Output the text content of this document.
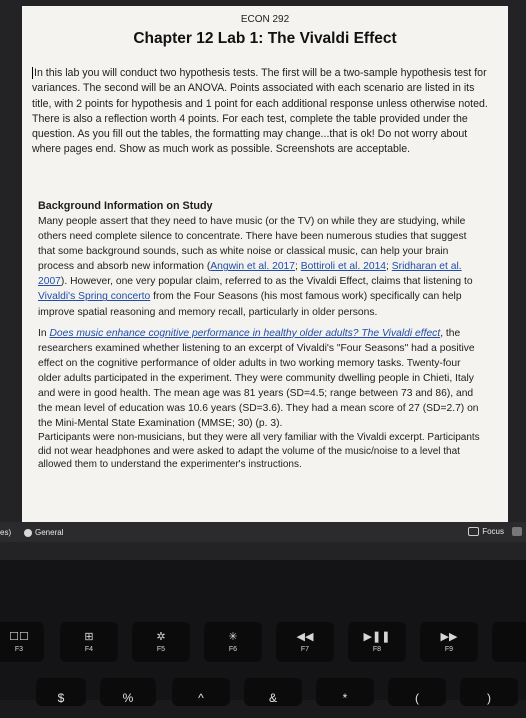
ECON 292
Chapter 12 Lab 1: The Vivaldi Effect
In this lab you will conduct two hypothesis tests. The first will be a two-sample hypothesis test for variances. The second will be an ANOVA. Points associated with each scenario are listed in its title, with 2 points for hypothesis and 1 point for each additional response unless otherwise noted. There is also a reflection worth 4 points. For each test, complete the table provided under the question. As you fill out the tables, the formatting may change...that is ok! Do not worry about where pages end. Show as much work as possible. Screenshots are acceptable.
Background Information on Study

Many people assert that they need to have music (or the TV) on while they are studying, while others need complete silence to concentrate. There have been numerous studies that suggest that some background sounds, such as white noise or classical music, can help your brain process and absorb new information (Angwin et al. 2017; Bottiroli et al. 2014; Sridharan et al. 2007). However, one very popular claim, referred to as the Vivaldi Effect, claims that listening to Vivaldi's Spring concerto from the Four Seasons (his most famous work) specifically can help improve spatial reasoning and memory recall, particularly in older persons.

In Does music enhance cognitive performance in healthy older adults? The Vivaldi effect, the researchers examined whether listening to an excerpt of Vivaldi's "Four Seasons" had a positive effect on the cognitive performance of older adults in two working memory tasks. Twenty-four older adults participated in the experiment. They were community dwelling people in Chieti, Italy and were in good health. The mean age was 81 years (SD=4.5; range between 73 and 86), and the mean level of education was 10.6 years (SD=3.6). They had a mean score of 27 (SD=2.7) on the Mini-Mental State Examination (MMSE; 30) (p. 3).

Participants were non-musicians, but they were all very familiar with the Vivaldi excerpt. Participants did not wear headphones and were asked to adapt the volume of the music/noise to a level that allowed them to understand the experimenter's instructions.

es)	General	Focus
☐☐
F3
⊞
F4
✲
F5
✳
F6
◀◀
F7
▶❚❚
F8
▶▶
F9
$	%	^	&	*	(	)
